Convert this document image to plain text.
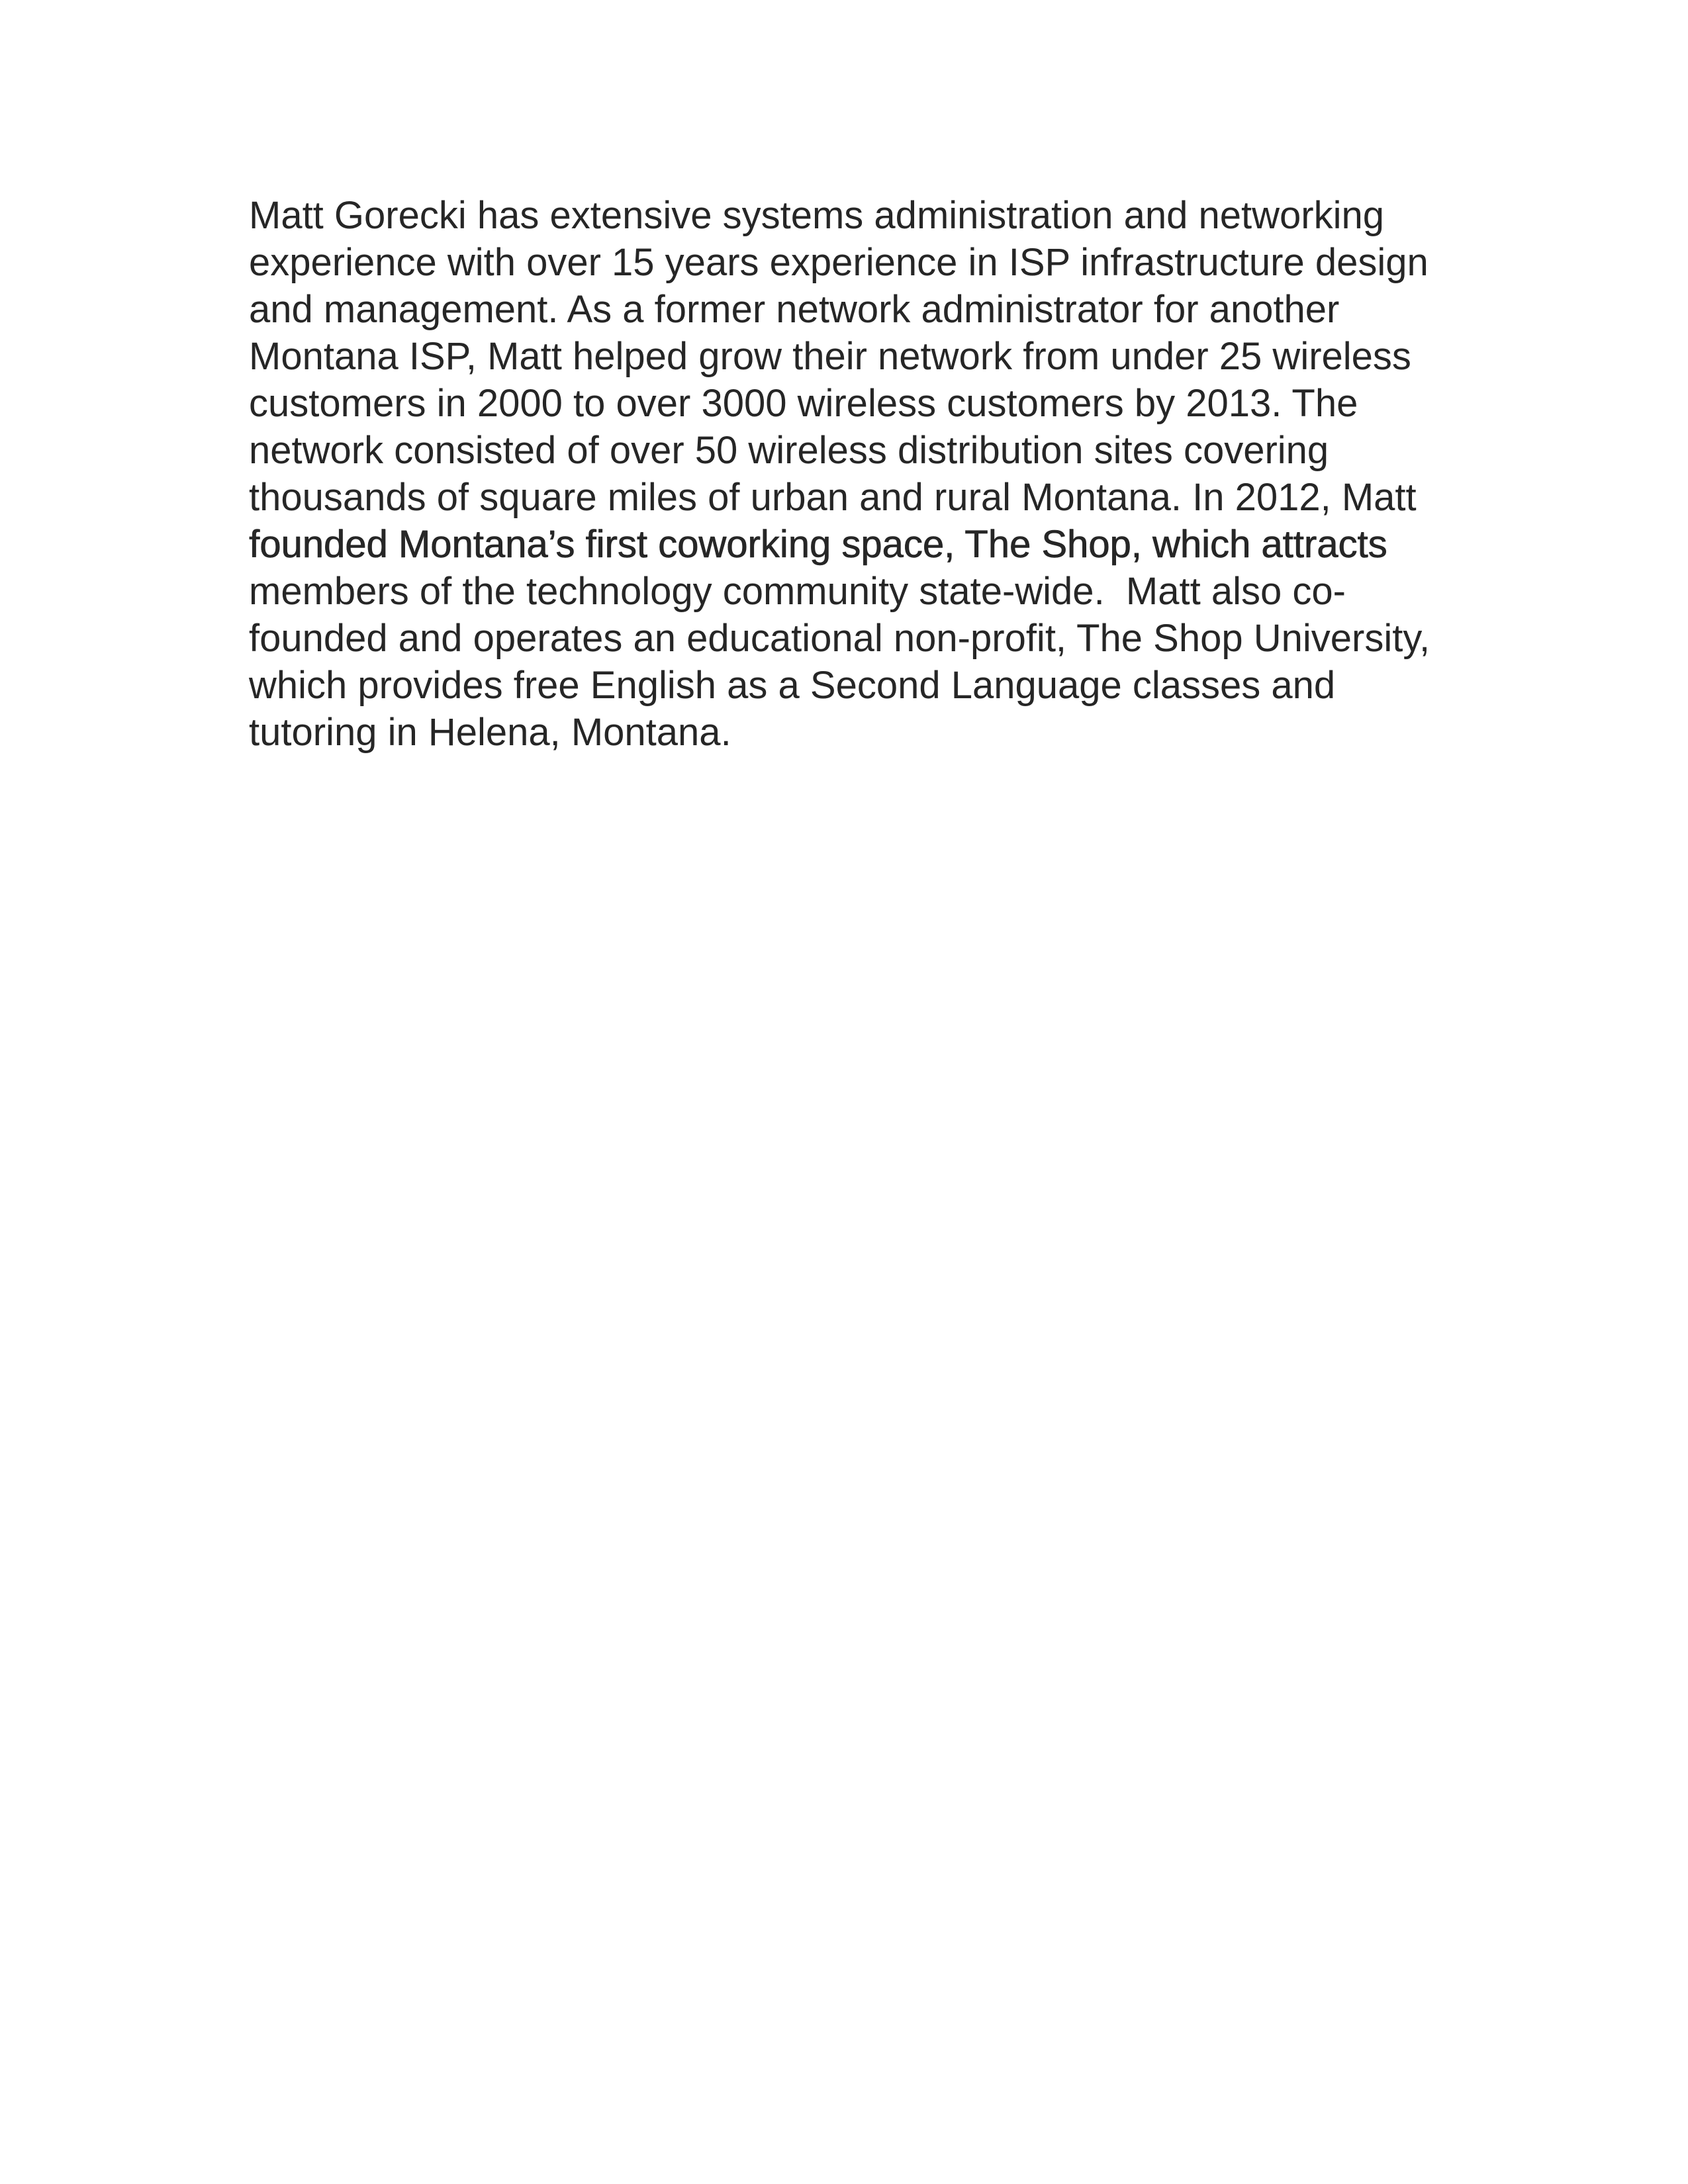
Matt Gorecki has extensive systems administration and networking
experience with over 15 years experience in ISP infrastructure design
and management. As a former network administrator for another
Montana ISP, Matt helped grow their network from under 25 wireless
customers in 2000 to over 3000 wireless customers by 2013. The
network consisted of over 50 wireless distribution sites covering
thousands of square miles of urban and rural Montana. In 2012, Matt
founded Montana’s first coworking space, The Shop, which attracts
members of the technology community state-wide.  Matt also co-
founded and operates an educational non-profit, The Shop University,
which provides free English as a Second Language classes and
tutoring in Helena, Montana.
